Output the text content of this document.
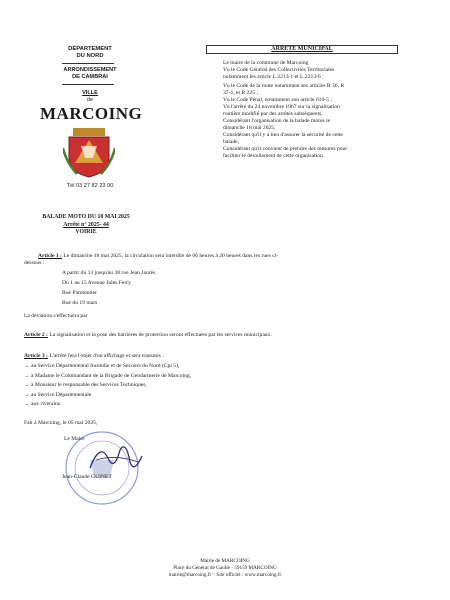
DÉPARTEMENT
DU NORD
ARRONDISSEMENT
DE CAMBRAI
VILLE
de
MARCOING
Tél 03 27 82 23 00
ARRETE MUNICIPAL
Le maire de la commune de Marcoing
Vu le Code Général des Collectivités Territoriales
notamment les article L.2213-1 et L.2213-6 ;
Vu le Code de la route notamment ses articles R 36, R
37-1, et R 225 ;
Vu le Code Pénal, notamment son article 610-5 ;
Vu l'arrêté du 24 novembre 1967 sur la signalisation
routière modifié par des arrêtés subséquents,
Considérant l'organisation de la balade motos le
dimanche 18 mai 2025,
Considérant qu'il y a lieu d'assurer la sécurité de cette
balade,
Considérant qu'il convient de prendre des mesures pour
faciliter le déroulement de cette organisation.
BALADE MOTO DU 18 MAI 2025
Arrêté n° 2025- 44
VOIRIE
Article 1 : Le dimanche 18 mai 2025, la circulation sera interdite de 06 heures à 20 heures dans les rues ci-
dessous :
A partir du 13 jusqu'au 38 rue Jean Jaurès
Du 1 au 15 Avenue Jules Ferry
Rue Parmentier
Rue du 19 mars
La déviation s'effectuera par
Article 2 : La signalisation et la pose des barrières de protection seront effectuées par les services municipaux.
Article 3 : L'arrêté fera l'objet d'un affichage et sera transmis :
→ au Service Départemental Incendie et de Secours du Nord (Cpi 5),
→ à Madame le Commandant de la Brigade de Gendarmerie de Marcoing,
→ à Monsieur le responsable des Services Techniques,
→ au Service Départementale
→ aux riverains.
Fait à Marcoing, le 05 mai 2025,
Le Maire
Jean-Claude GUINET
Mairie de MARCOING
Place du Général de Gaulle · 59159 MARCOING
mairie@marcoing.fr – Site officiel : www.marcoing.fr
